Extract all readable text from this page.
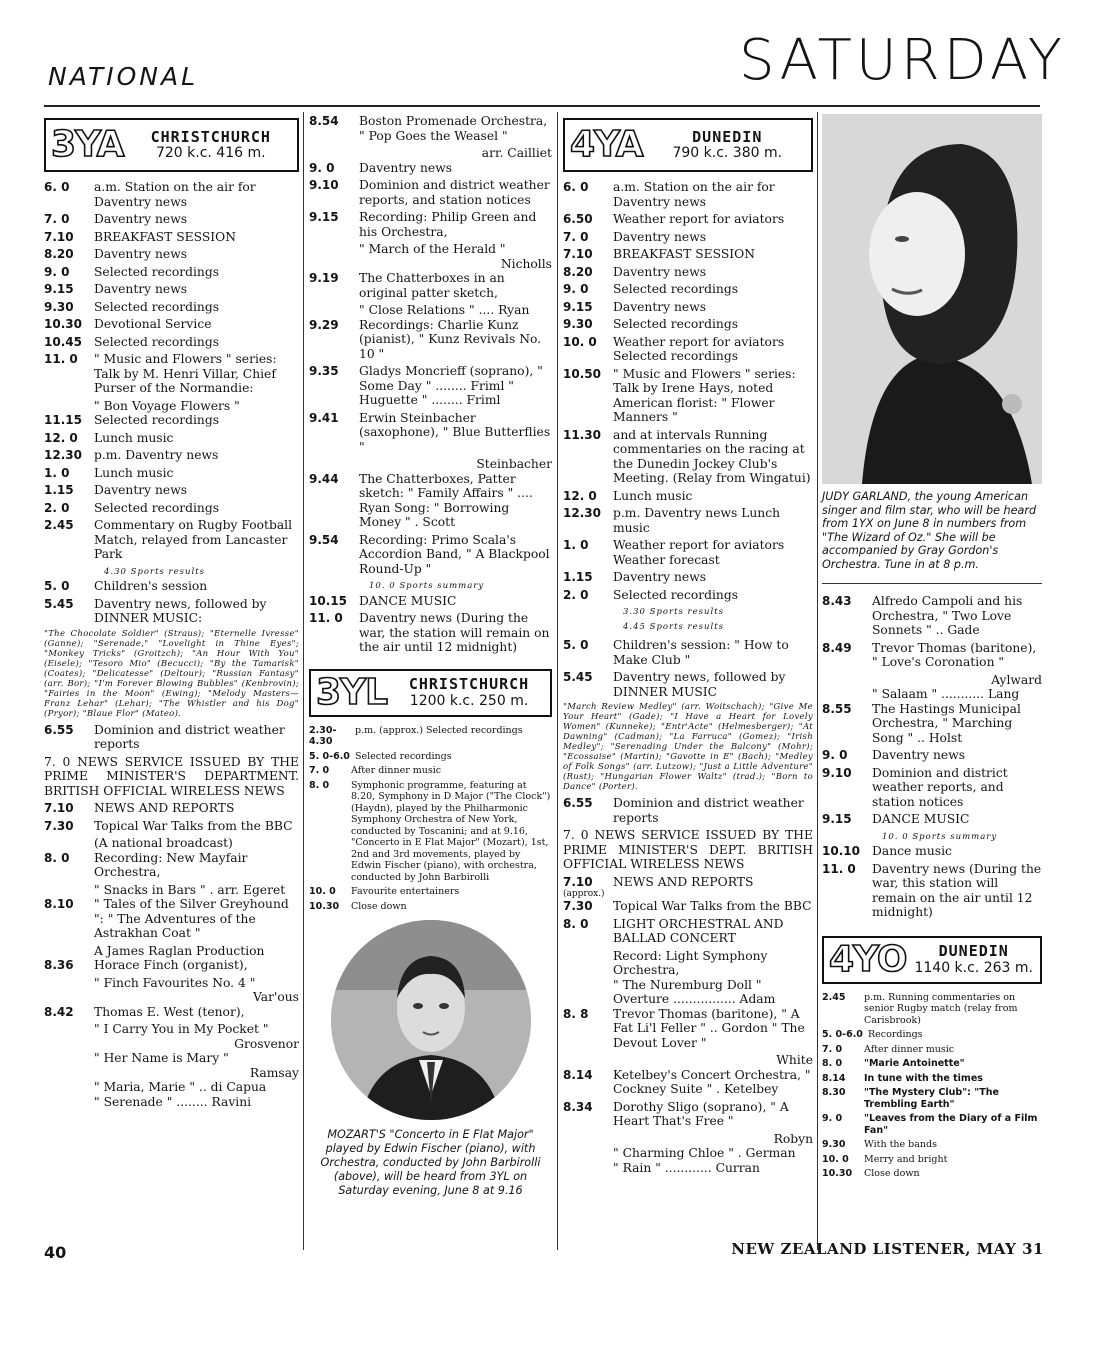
NATIONAL	SATURDAY
3YA	CHRISTCHURCH
720 k.c. 416 m.
6. 0	a.m. Station on the air for Daventry news
7. 0	Daventry news
7.10	BREAKFAST SESSION
8.20	Daventry news
9. 0	Selected recordings
9.15	Daventry news
9.30	Selected recordings
10.30 Devotional Service
10.45 Selected recordings
11. 0	" Music and Flowers " series: Talk by M. Henri Villar, Chief Purser of the Normandie:
" Bon Voyage Flowers "
11.15 Selected recordings
12. 0	Lunch music
12.30 p.m. Daventry news
1. 0	Lunch music
1.15	Daventry news
2. 0	Selected recordings
2.45	Commentary on Rugby Football Match, relayed from Lancaster Park
4.30 Sports results
5. 0	Children's session
5.45	Daventry news, followed by DINNER MUSIC:
"The Chocolate Soldier" (Straus); "Eternelle Ivresse" (Ganne); "Serenade," "Lovelight in Thine Eyes"; "Monkey Tricks" (Groitzch); "An Hour With You" (Eisele); "Tesoro Mio" (Becucci); "By the Tamarisk" (Coates); "Delicatesse" (Deltour); "Russian Fantasy" (arr. Bor); "I'm Forever Blowing Bubbles" (Kenbrovin); "Fairies in the Moon" (Ewing); "Melody Masters—Franz Lehar" (Lehar); "The Whistler and his Dog" (Pryor); "Blaue Flor" (Mateo).
6.55	Dominion and district weather reports
7. 0 NEWS SERVICE ISSUED BY THE PRIME MINISTER'S DEPARTMENT. BRITISH OFFICIAL WIRELESS NEWS
7.10	NEWS AND REPORTS
7.30	Topical War Talks from the BBC
(A national broadcast)
8. 0	Recording: New Mayfair Orchestra,
" Snacks in Bars " . arr. Egeret
8.10	" Tales of the Silver Greyhound ": " The Adventures of the Astrakhan Coat "
A James Raglan Production
8.36	Horace Finch (organist),
" Finch Favourites No. 4 "
Var'ous
8.42	Thomas E. West (tenor),
" I Carry You in My Pocket "
Grosvenor
" Her Name is Mary "
Ramsay
" Maria, Marie " .. di Capua
" Serenade " ........ Ravini
8.54	Boston Promenade Orchestra, " Pop Goes the Weasel "
arr. Cailliet
9. 0	Daventry news
9.10	Dominion and district weather reports, and station notices
9.15	Recording: Philip Green and his Orchestra,
" March of the Herald "
Nicholls
9.19	The Chatterboxes in an original patter sketch,
" Close Relations " .... Ryan
9.29	Recordings: Charlie Kunz (pianist), " Kunz Revivals No. 10 "
9.35	Gladys Moncrieff (soprano), " Some Day " ........ Friml " Huguette " ........ Friml
9.41	Erwin Steinbacher (saxophone), " Blue Butterflies "
Steinbacher
9.44	The Chatterboxes, Patter sketch: " Family Affairs " .... Ryan Song: " Borrowing Money " . Scott
9.54	Recording: Primo Scala's Accordion Band, " A Blackpool Round-Up "
10. 0 Sports summary
10.15 DANCE MUSIC
11. 0	Daventry news (During the war, the station will remain on the air until 12 midnight)
3YL	CHRISTCHURCH
1200 k.c. 250 m.
2.30-4.30
p.m. (approx.) Selected recordings
5. 0-6.0 Selected recordings
7. 0	After dinner music
8. 0	Symphonic programme, featuring at 8.20, Symphony in D Major ("The Clock") (Haydn), played by the Philharmonic Symphony Orchestra of New York, conducted by Toscanini; and at 9.16, "Concerto in E Flat Major" (Mozart), 1st, 2nd and 3rd movements, played by Edwin Fischer (piano), with orchestra, conducted by John Barbirolli
10. 0	Favourite entertainers
10.30	Close down
MOZART'S "Concerto in E Flat Major" played by Edwin Fischer (piano), with Orchestra, conducted by John Barbirolli (above), will be heard from 3YL on Saturday evening, June 8 at 9.16
4YA	DUNEDIN
790 k.c. 380 m.
6. 0	a.m. Station on the air for Daventry news
6.50	Weather report for aviators
7. 0	Daventry news
7.10	BREAKFAST SESSION
8.20	Daventry news
9. 0	Selected recordings
9.15	Daventry news
9.30	Selected recordings
10. 0	Weather report for aviators Selected recordings
10.50 " Music and Flowers " series: Talk by Irene Hays, noted American florist: " Flower Manners "
11.30 and at intervals Running commentaries on the racing at the Dunedin Jockey Club's Meeting. (Relay from Wingatui)
12. 0	Lunch music
12.30 p.m. Daventry news Lunch music
1. 0	Weather report for aviators Weather forecast
1.15	Daventry news
2. 0	Selected recordings
3.30 Sports results
4.45 Sports results
5. 0	Children's session: " How to Make Club "
5.45	Daventry news, followed by DINNER MUSIC
"March Review Medley" (arr. Woitschach); "Give Me Your Heart" (Gade); "I Have a Heart for Lovely Women" (Kunneke); "Entr'Acte" (Helmesberger); "At Dawning" (Cadman); "La Farruca" (Gomez); "Irish Medley"; "Serenading Under the Balcony" (Mohr); "Ecossaise" (Martin); "Gavotte in E" (Bach); "Medley of Folk Songs" (arr. Lutzow); "Just a Little Adventure" (Rust); "Hungarian Flower Waltz" (trad.); "Born to Dance" (Porter).
6.55	Dominion and district weather reports
7. 0 NEWS SERVICE ISSUED BY THE PRIME MINISTER'S DEPT. BRITISH OFFICIAL WIRELESS NEWS
7.10	NEWS AND REPORTS
(approx.)
7.30	Topical War Talks from the BBC
8. 0	LIGHT ORCHESTRAL AND BALLAD CONCERT
Record: Light Symphony Orchestra,
" The Nuremburg Doll " Overture ................ Adam
8. 8	Trevor Thomas (baritone), " A Fat Li'l Feller " .. Gordon " The Devout Lover "
White
8.14	Ketelbey's Concert Orchestra, " Cockney Suite " . Ketelbey
8.34	Dorothy Sligo (soprano), " A Heart That's Free "
Robyn
" Charming Chloe " . German
" Rain " ............ Curran
JUDY GARLAND, the young American singer and film star, who will be heard from 1YX on June 8 in numbers from "The Wizard of Oz." She will be accompanied by Gray Gordon's Orchestra. Tune in at 8 p.m.
8.43	Alfredo Campoli and his Orchestra, " Two Love Sonnets " .. Gade
8.49	Trevor Thomas (baritone), " Love's Coronation "
Aylward
" Salaam " ........... Lang
8.55	The Hastings Municipal Orchestra, " Marching Song " .. Holst
9. 0	Daventry news
9.10	Dominion and district weather reports, and station notices
9.15	DANCE MUSIC
10. 0 Sports summary
10.10 Dance music
11. 0	Daventry news (During the war, this station will remain on the air until 12 midnight)
4YO	DUNEDIN
1140 k.c. 263 m.
2.45	p.m. Running commentaries on senior Rugby match (relay from Carisbrook)
5. 0-6.0 Recordings
7. 0	After dinner music
8. 0	"Marie Antoinette"
8.14	In tune with the times
8.30	"The Mystery Club": "The Trembling Earth"
9. 0	"Leaves from the Diary of a Film Fan"
9.30	With the bands
10. 0	Merry and bright
10.30	Close down
40	NEW ZEALAND LISTENER, MAY 31
